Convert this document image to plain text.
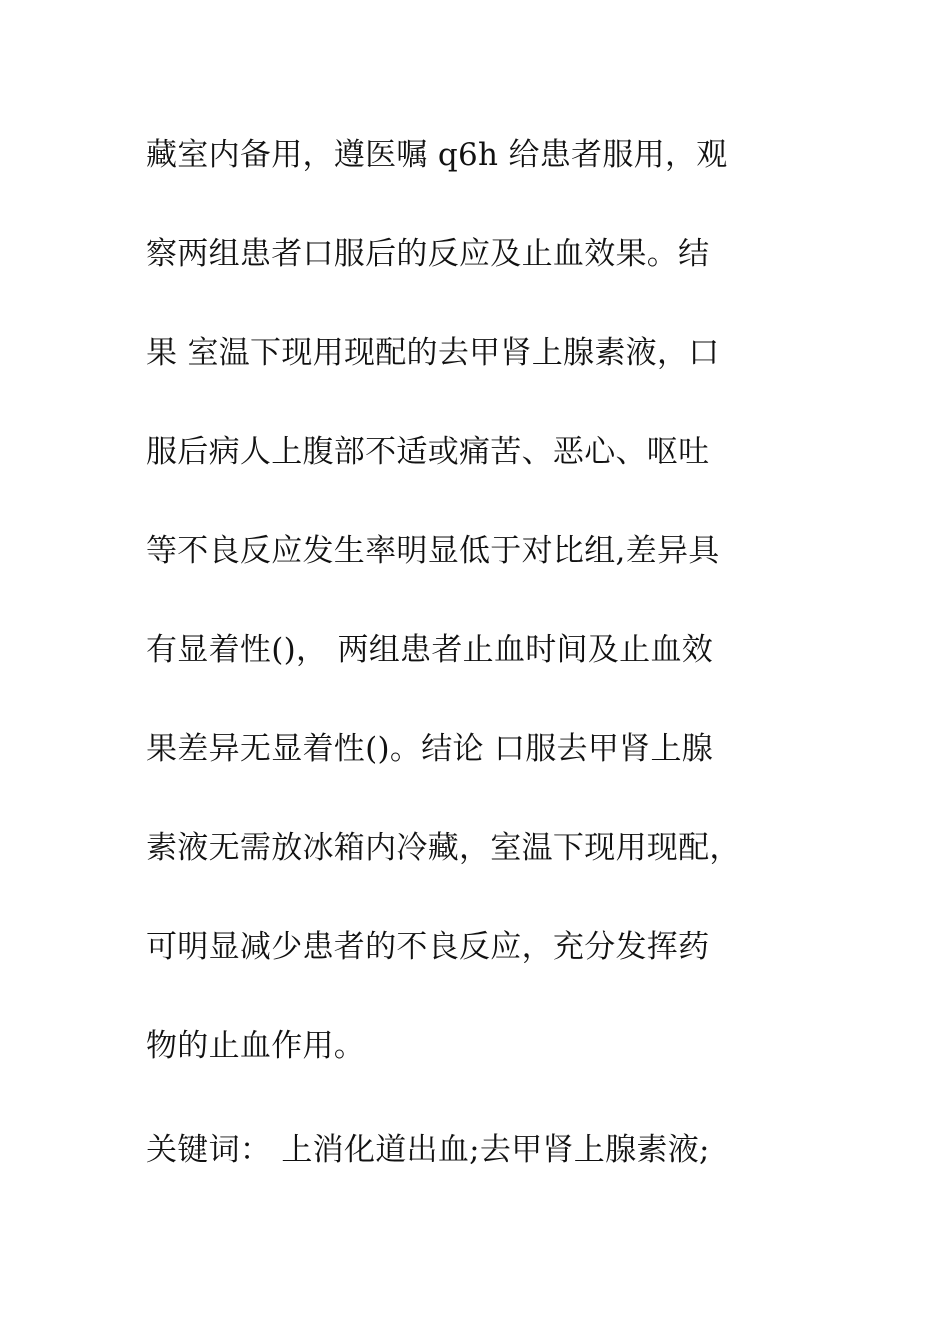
藏室内备用，遵医嘱 q6h 给患者服用，观
察两组患者口服后的反应及止血效果。结
果 室温下现用现配的去甲肾上腺素液，口
服后病人上腹部不适或痛苦、恶心、呕吐
等不良反应发生率明显低于对比组,差异具
有显着性()， 两组患者止血时间及止血效
果差异无显着性()。结论 口服去甲肾上腺
素液无需放冰箱内冷藏，室温下现用现配，
可明显减少患者的不良反应，充分发挥药
物的止血作用。
关键词： 上消化道出血;去甲肾上腺素液;
